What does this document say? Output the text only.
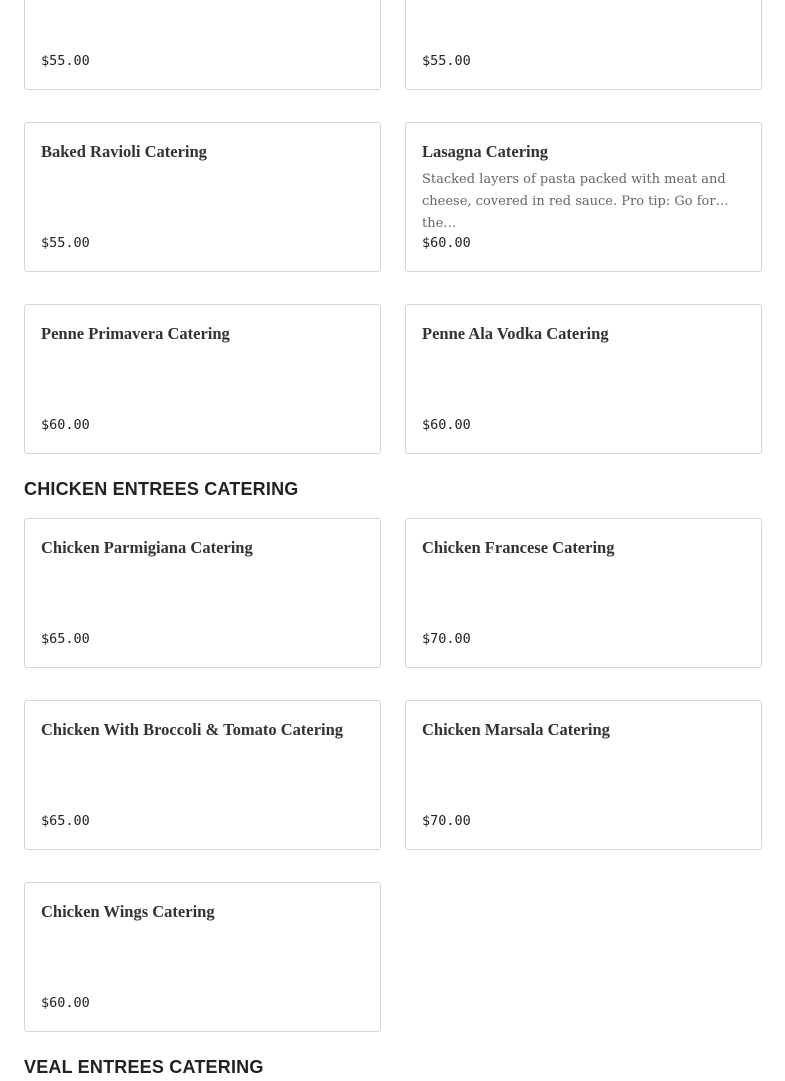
$55.00	$55.00
Baked Ravioli Catering
$55.00
Lasagna Catering
Stacked layers of pasta packed with meat and cheese, covered in red sauce. Pro tip: Go for the…
$60.00
Penne Primavera Catering
$60.00
Penne Ala Vodka Catering
$60.00
CHICKEN ENTREES CATERING
Chicken Parmigiana Catering
$65.00
Chicken Francese Catering
$70.00
Chicken With Broccoli & Tomato Catering
$65.00
Chicken Marsala Catering
$70.00
Chicken Wings Catering
$60.00
VEAL ENTREES CATERING
